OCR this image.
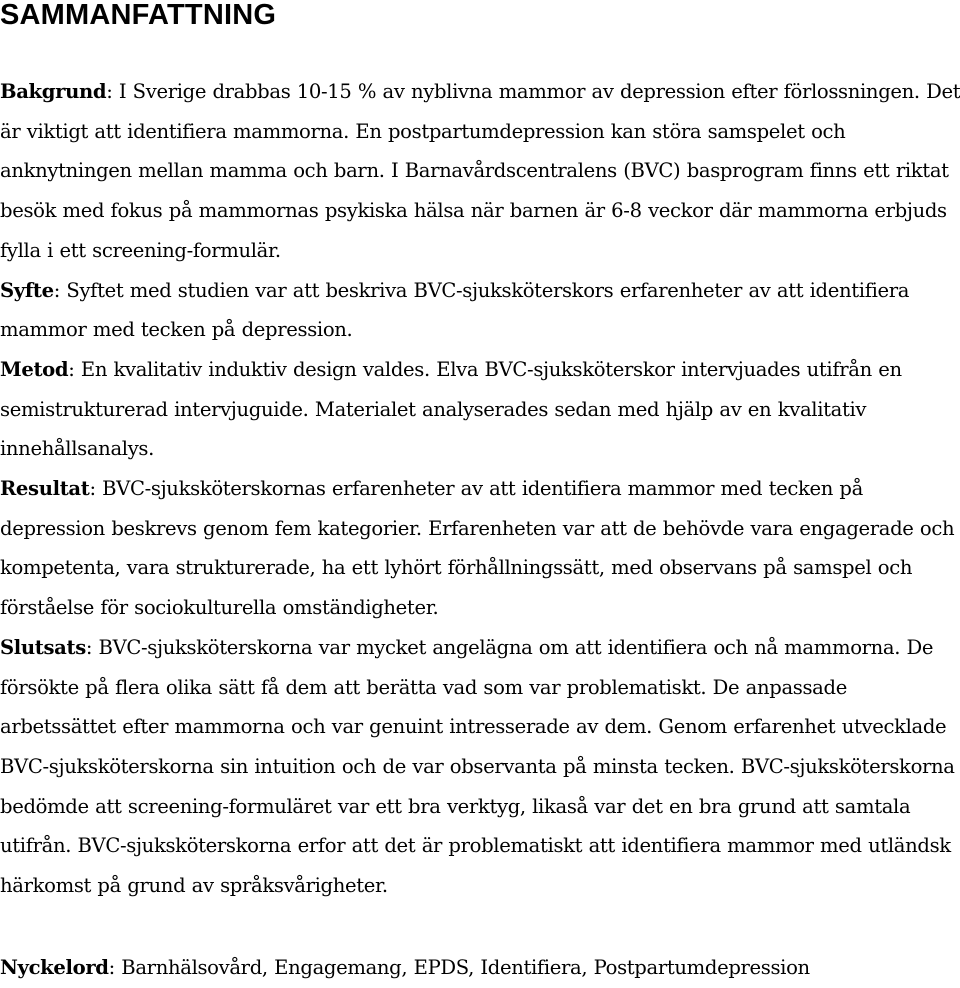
SAMMANFATTNING

Bakgrund: I Sverige drabbas 10-15 % av nyblivna mammor av depression efter förlossningen. Det är viktigt att identifiera mammorna. En postpartumdepression kan störa samspelet och anknytningen mellan mamma och barn. I Barnavårdscentralens (BVC) basprogram finns ett riktat besök med fokus på mammornas psykiska hälsa när barnen är 6-8 veckor där mammorna erbjuds fylla i ett screening-formulär.

Syfte: Syftet med studien var att beskriva BVC-sjuksköterskors erfarenheter av att identifiera mammor med tecken på depression.

Metod: En kvalitativ induktiv design valdes. Elva BVC-sjuksköterskor intervjuades utifrån en semistrukturerad intervjuguide. Materialet analyserades sedan med hjälp av en kvalitativ innehållsanalys.

Resultat: BVC-sjuksköterskornas erfarenheter av att identifiera mammor med tecken på depression beskrevs genom fem kategorier. Erfarenheten var att de behövde vara engagerade och kompetenta, vara strukturerade, ha ett lyhört förhållningssätt, med observans på samspel och förståelse för sociokulturella omständigheter.

Slutsats: BVC-sjuksköterskorna var mycket angelägna om att identifiera och nå mammorna. De försökte på flera olika sätt få dem att berätta vad som var problematiskt. De anpassade arbetssättet efter mammorna och var genuint intresserade av dem. Genom erfarenhet utvecklade BVC-sjuksköterskorna sin intuition och de var observanta på minsta tecken. BVC-sjuksköterskorna bedömde att screening-formuläret var ett bra verktyg, likaså var det en bra grund att samtala utifrån. BVC-sjuksköterskorna erfor att det är problematiskt att identifiera mammor med utländsk härkomst på grund av språksvårigheter.

Nyckelord: Barnhälsovård, Engagemang, EPDS, Identifiera, Postpartumdepression
